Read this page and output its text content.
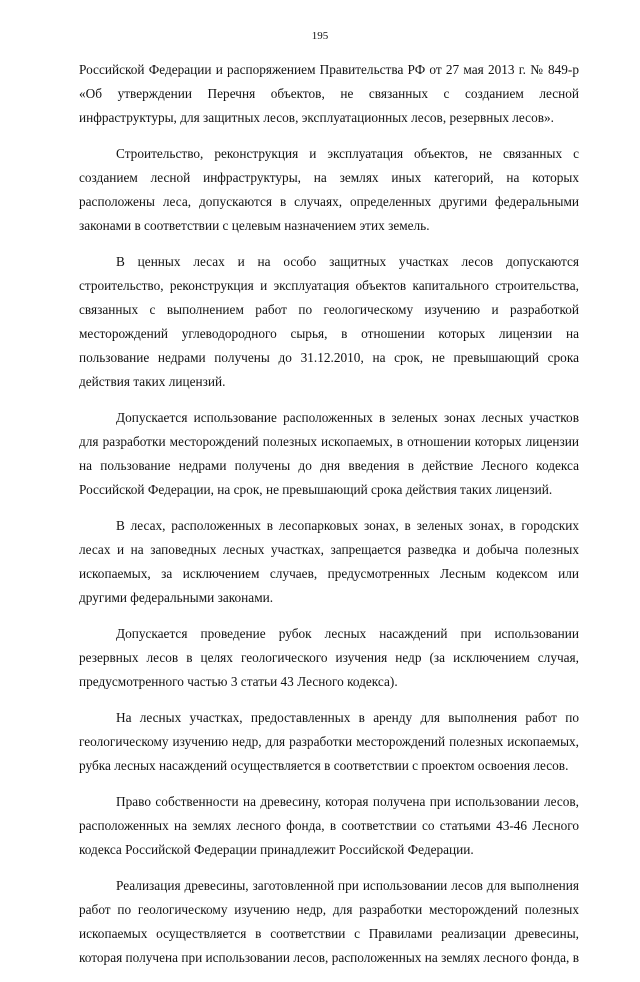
195

Российской Федерации и распоряжением Правительства РФ от 27 мая 2013 г. № 849-р «Об утверждении Перечня объектов, не связанных с созданием лесной инфраструктуры, для защитных лесов, эксплуатационных лесов, резервных лесов».

Строительство, реконструкция и эксплуатация объектов, не связанных с созданием лесной инфраструктуры, на землях иных категорий, на которых расположены леса, допускаются в случаях, определенных другими федеральными законами в соответствии с целевым назначением этих земель.

В ценных лесах и на особо защитных участках лесов допускаются строительство, реконструкция и эксплуатация объектов капитального строительства, связанных с выполнением работ по геологическому изучению и разработкой месторождений углеводородного сырья, в отношении которых лицензии на пользование недрами получены до 31.12.2010, на срок, не превышающий срока действия таких лицензий.

Допускается использование расположенных в зеленых зонах лесных участков для разработки месторождений полезных ископаемых, в отношении которых лицензии на пользование недрами получены до дня введения в действие Лесного кодекса Российской Федерации, на срок, не превышающий срока действия таких лицензий.

В лесах, расположенных в лесопарковых зонах, в зеленых зонах, в городских лесах и на заповедных лесных участках, запрещается разведка и добыча полезных ископаемых, за исключением случаев, предусмотренных Лесным кодексом или другими федеральными законами.

Допускается проведение рубок лесных насаждений при использовании резервных лесов в целях геологического изучения недр (за исключением случая, предусмотренного частью 3 статьи 43 Лесного кодекса).

На лесных участках, предоставленных в аренду для выполнения работ по геологическому изучению недр, для разработки месторождений полезных ископаемых, рубка лесных насаждений осуществляется в соответствии с проектом освоения лесов.

Право собственности на древесину, которая получена при использовании лесов, расположенных на землях лесного фонда, в соответствии со статьями 43-46 Лесного кодекса Российской Федерации принадлежит Российской Федерации.

Реализация древесины, заготовленной при использовании лесов для выполнения работ по геологическому изучению недр, для разработки месторождений полезных ископаемых осуществляется в соответствии с Правилами реализации древесины, которая получена при использовании лесов, расположенных на землях лесного фонда, в
